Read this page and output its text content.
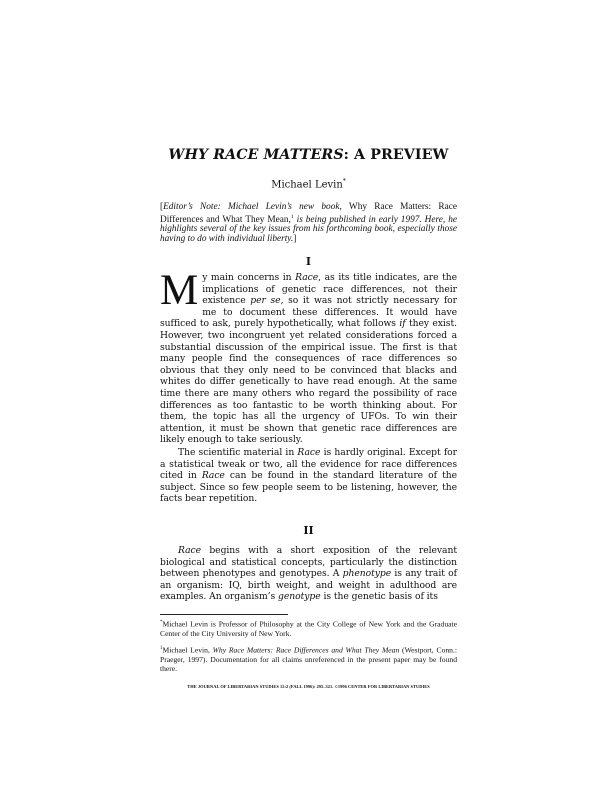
WHY RACE MATTERS: A PREVIEW

Michael Levin*

[Editor’s Note: Michael Levin’s new book, Why Race Matters: Race Differences and What They Mean,$^1$ is being published in early 1997. Here, he highlights several of the key issues from his forthcoming book, especially those having to do with individual liberty.]

I

My main concerns in Race, as its title indicates, are the implications of genetic race differences, not their existence per se, so it was not strictly necessary for me to document these differences. It would have sufficed to ask, purely hypothetically, what follows if they exist. However, two incongruent yet related considerations forced a substantial discussion of the empirical issue. The first is that many people find the consequences of race differences so obvious that they only need to be convinced that blacks and whites do differ genetically to have read enough. At the same time there are many others who regard the possibility of race differences as too fantastic to be worth thinking about. For them, the topic has all the urgency of UFOs. To win their attention, it must be shown that genetic race differences are likely enough to take seriously.

The scientific material in Race is hardly original. Except for a statistical tweak or two, all the evidence for race differences cited in Race can be found in the standard literature of the subject. Since so few people seem to be listening, however, the facts bear repetition.

II

Race begins with a short exposition of the relevant biological and statistical concepts, particularly the distinction between phenotypes and genotypes. A phenotype is any trait of an organism: IQ, birth weight, and weight in adulthood are examples. An organism’s genotype is the genetic basis of its

*Michael Levin is Professor of Philosophy at the City College of New York and the Graduate Center of the City University of New York.

$^1$Michael Levin, Why Race Matters: Race Differences and What They Mean (Westport, Conn.: Praeger, 1997). Documentation for all claims unreferenced in the present paper may be found there.

THE JOURNAL OF LIBERTARIAN STUDIES 12:2 (FALL 1996): 295–321. ©1996 CENTER FOR LIBERTARIAN STUDIES
